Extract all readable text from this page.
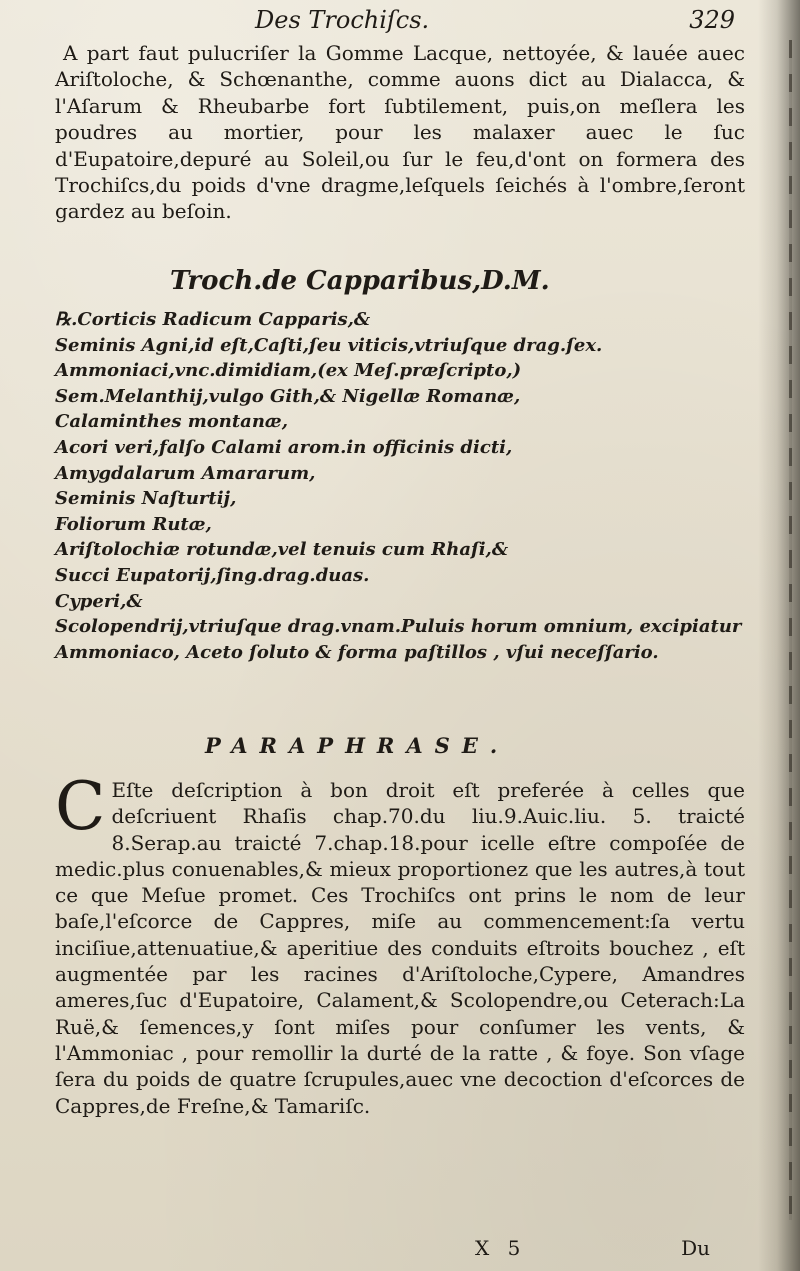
Des Trochiſcs.	329

A part faut pulucriſer la Gomme Lacque, nettoyée, & lauée auec Ariſtoloche, & Schœnanthe, comme auons dict au Dialacca, & l'Aſarum & Rheubarbe fort ſubtilement, puis,on meſlera les poudres au mortier, pour les malaxer auec le ſuc d'Eupatoire,depuré au Soleil,ou ſur le feu,d'ont on formera des Trochiſcs,du poids d'vne dragme,leſquels ſeichés à l'ombre,ſeront gardez au beſoin.

Troch.de Capparibus,D.M.
℞.Corticis Radicum Capparis,&
Seminis Agni,id eſt,Caſti,ſeu viticis,vtriuſque drag.ſex.
Ammoniaci,vnc.dimidiam,(ex Meſ.præſcripto,)
Sem.Melanthij,vulgo Gith,& Nigellæ Romanæ,
Calaminthes montanæ,
Acori veri,falſo Calami arom.in officinis dicti,
Amygdalarum Amararum,
Seminis Naſturtij,
Foliorum Rutæ,
Ariſtolochiæ rotundæ,vel tenuis cum Rhaſi,&
Succi Eupatorij,ſing.drag.duas.
Cyperi,&
Scolopendrij,vtriuſque drag.vnam.Puluis horum omnium, excipiatur Ammoniaco, Aceto ſoluto & forma paſtillos , vſui neceſſario.
PARAPHRASE.

C Eſte deſcription à bon droit eſt preferée à celles que deſcriuent Rhaſis chap.70.du liu.9.Auic.liu. 5. traicté 8.Serap.au traicté 7.chap.18.pour icelle eſtre compoſée de medic.plus conuenables,& mieux proportionez que les autres,à tout ce que Meſue promet. Ces Trochiſcs ont prins le nom de leur baſe,l'eſcorce de Cappres, miſe au commencement:ſa vertu inciſiue,attenuatiue,& aperitiue des conduits eſtroits bouchez , eſt augmentée par les racines d'Ariſtoloche,Cypere, Amandres ameres,ſuc d'Eupatoire, Calament,& Scolopendre,ou Ceterach:La Ruë,& ſemences,y ſont miſes pour conſumer les vents, & l'Ammoniac , pour remollir la durté de la ratte , & foye. Son vſage ſera du poids de quatre ſcrupules,auec vne decoction d'eſcorces de Cappres,de Freſne,& Tamariſc.

X 5	Du
